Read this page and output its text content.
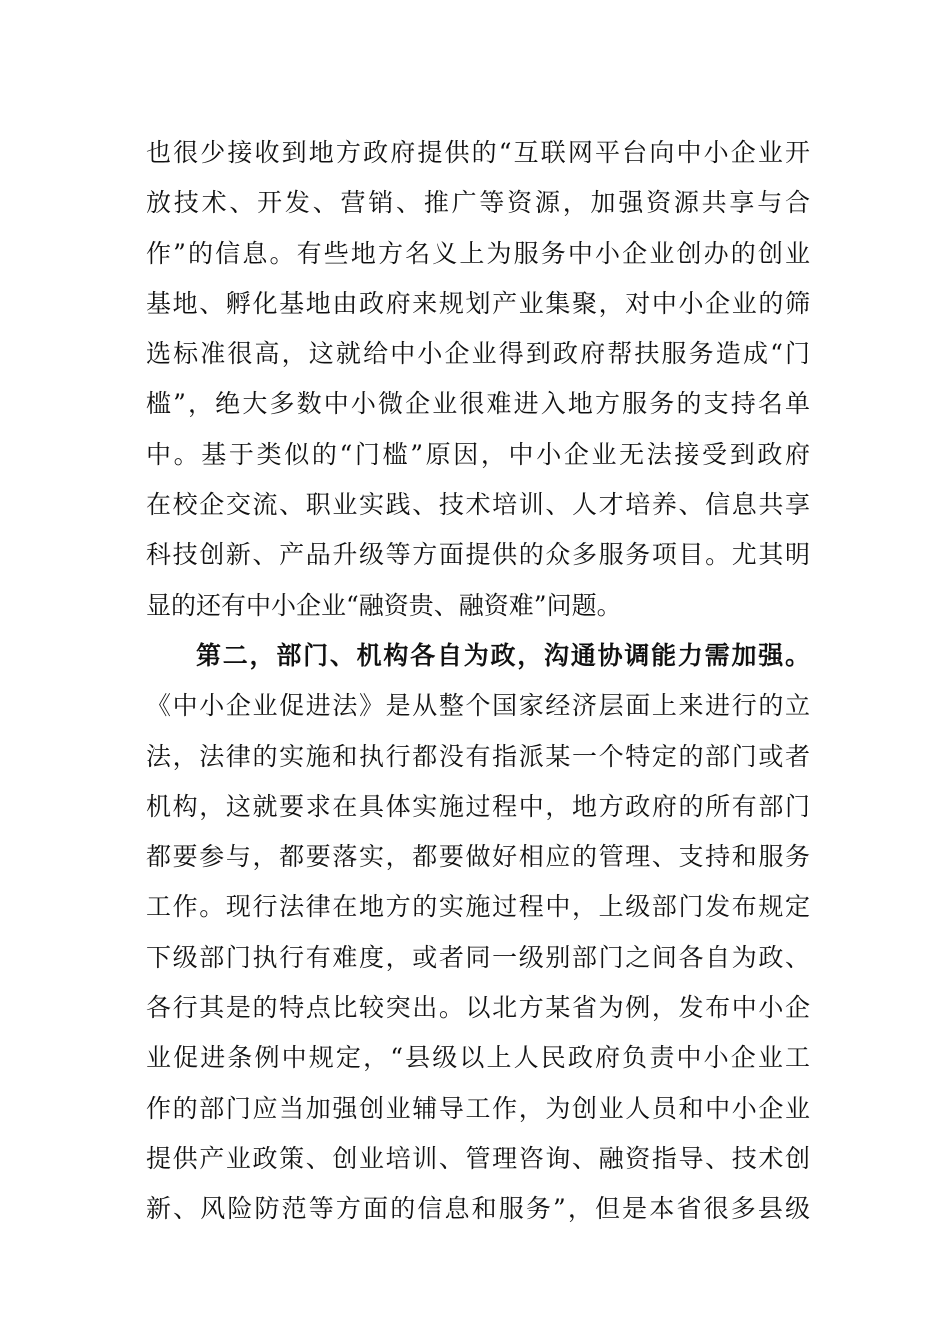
也很少接收到地方政府提供的“互联网平台向中小企业开
放技术、开发、营销、推广等资源，加强资源共享与合
作”的信息。有些地方名义上为服务中小企业创办的创业
基地、孵化基地由政府来规划产业集聚，对中小企业的筛
选标准很高，这就给中小企业得到政府帮扶服务造成“门
槛”，绝大多数中小微企业很难进入地方服务的支持名单
中。基于类似的“门槛”原因，中小企业无法接受到政府
在校企交流、职业实践、技术培训、人才培养、信息共享
科技创新、产品升级等方面提供的众多服务项目。尤其明
显的还有中小企业“融资贵、融资难”问题。
第二，部门、机构各自为政，沟通协调能力需加强。
《中小企业促进法》是从整个国家经济层面上来进行的立
法，法律的实施和执行都没有指派某一个特定的部门或者
机构，这就要求在具体实施过程中，地方政府的所有部门
都要参与，都要落实，都要做好相应的管理、支持和服务
工作。现行法律在地方的实施过程中，上级部门发布规定
下级部门执行有难度，或者同一级别部门之间各自为政、
各行其是的特点比较突出。以北方某省为例，发布中小企
业促进条例中规定，“县级以上人民政府负责中小企业工
作的部门应当加强创业辅导工作，为创业人员和中小企业
提供产业政策、创业培训、管理咨询、融资指导、技术创
新、风险防范等方面的信息和服务”，但是本省很多县级
